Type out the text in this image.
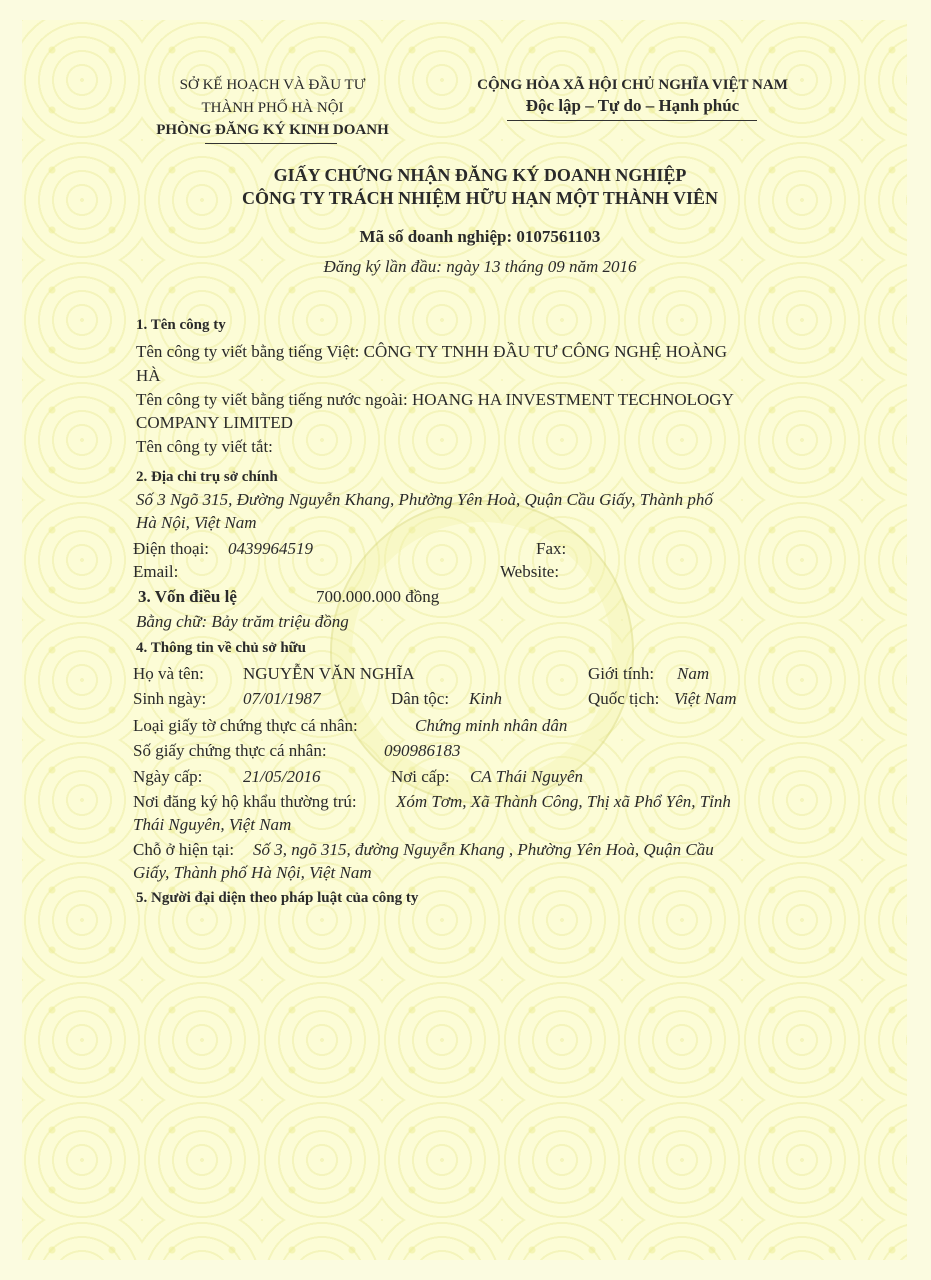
SỞ KẾ HOẠCH VÀ ĐẦU TƯ
THÀNH PHỐ HÀ NỘI
PHÒNG ĐĂNG KÝ KINH DOANH
CỘNG HÒA XÃ HỘI CHỦ NGHĨA VIỆT NAM
Độc lập – Tự do – Hạnh phúc
GIẤY CHỨNG NHẬN ĐĂNG KÝ DOANH NGHIỆP
CÔNG TY TRÁCH NHIỆM HỮU HẠN MỘT THÀNH VIÊN
Mã số doanh nghiệp: 0107561103
Đăng ký lần đầu: ngày 13 tháng 09 năm 2016
1. Tên công ty
Tên công ty viết bằng tiếng Việt: CÔNG TY TNHH ĐẦU TƯ CÔNG NGHỆ HOÀNG
HÀ
Tên công ty viết bằng tiếng nước ngoài: HOANG HA INVESTMENT TECHNOLOGY
COMPANY LIMITED
Tên công ty viết tắt:
2. Địa chỉ trụ sở chính
Số 3 Ngõ 315, Đường Nguyễn Khang, Phường Yên Hoà, Quận Cầu Giấy, Thành phố
Hà Nội, Việt Nam
Điện thoại: 0439964519	Fax:
Email:	Website:
3. Vốn điều lệ	700.000.000 đồng
Bằng chữ: Bảy trăm triệu đồng
4. Thông tin về chủ sở hữu
Họ và tên: NGUYỄN VĂN NGHĨA	Giới tính: Nam
Sinh ngày: 07/01/1987	Dân tộc: Kinh	Quốc tịch: Việt Nam
Loại giấy tờ chứng thực cá nhân:	Chứng minh nhân dân
Số giấy chứng thực cá nhân:	090986183
Ngày cấp: 21/05/2016	Nơi cấp: CA Thái Nguyên
Nơi đăng ký hộ khẩu thường trú: Xóm Tơm, Xã Thành Công, Thị xã Phổ Yên, Tỉnh
Thái Nguyên, Việt Nam
Chỗ ở hiện tại: Số 3, ngõ 315, đường Nguyễn Khang , Phường Yên Hoà, Quận Cầu
Giấy, Thành phố Hà Nội, Việt Nam
5. Người đại diện theo pháp luật của công ty
